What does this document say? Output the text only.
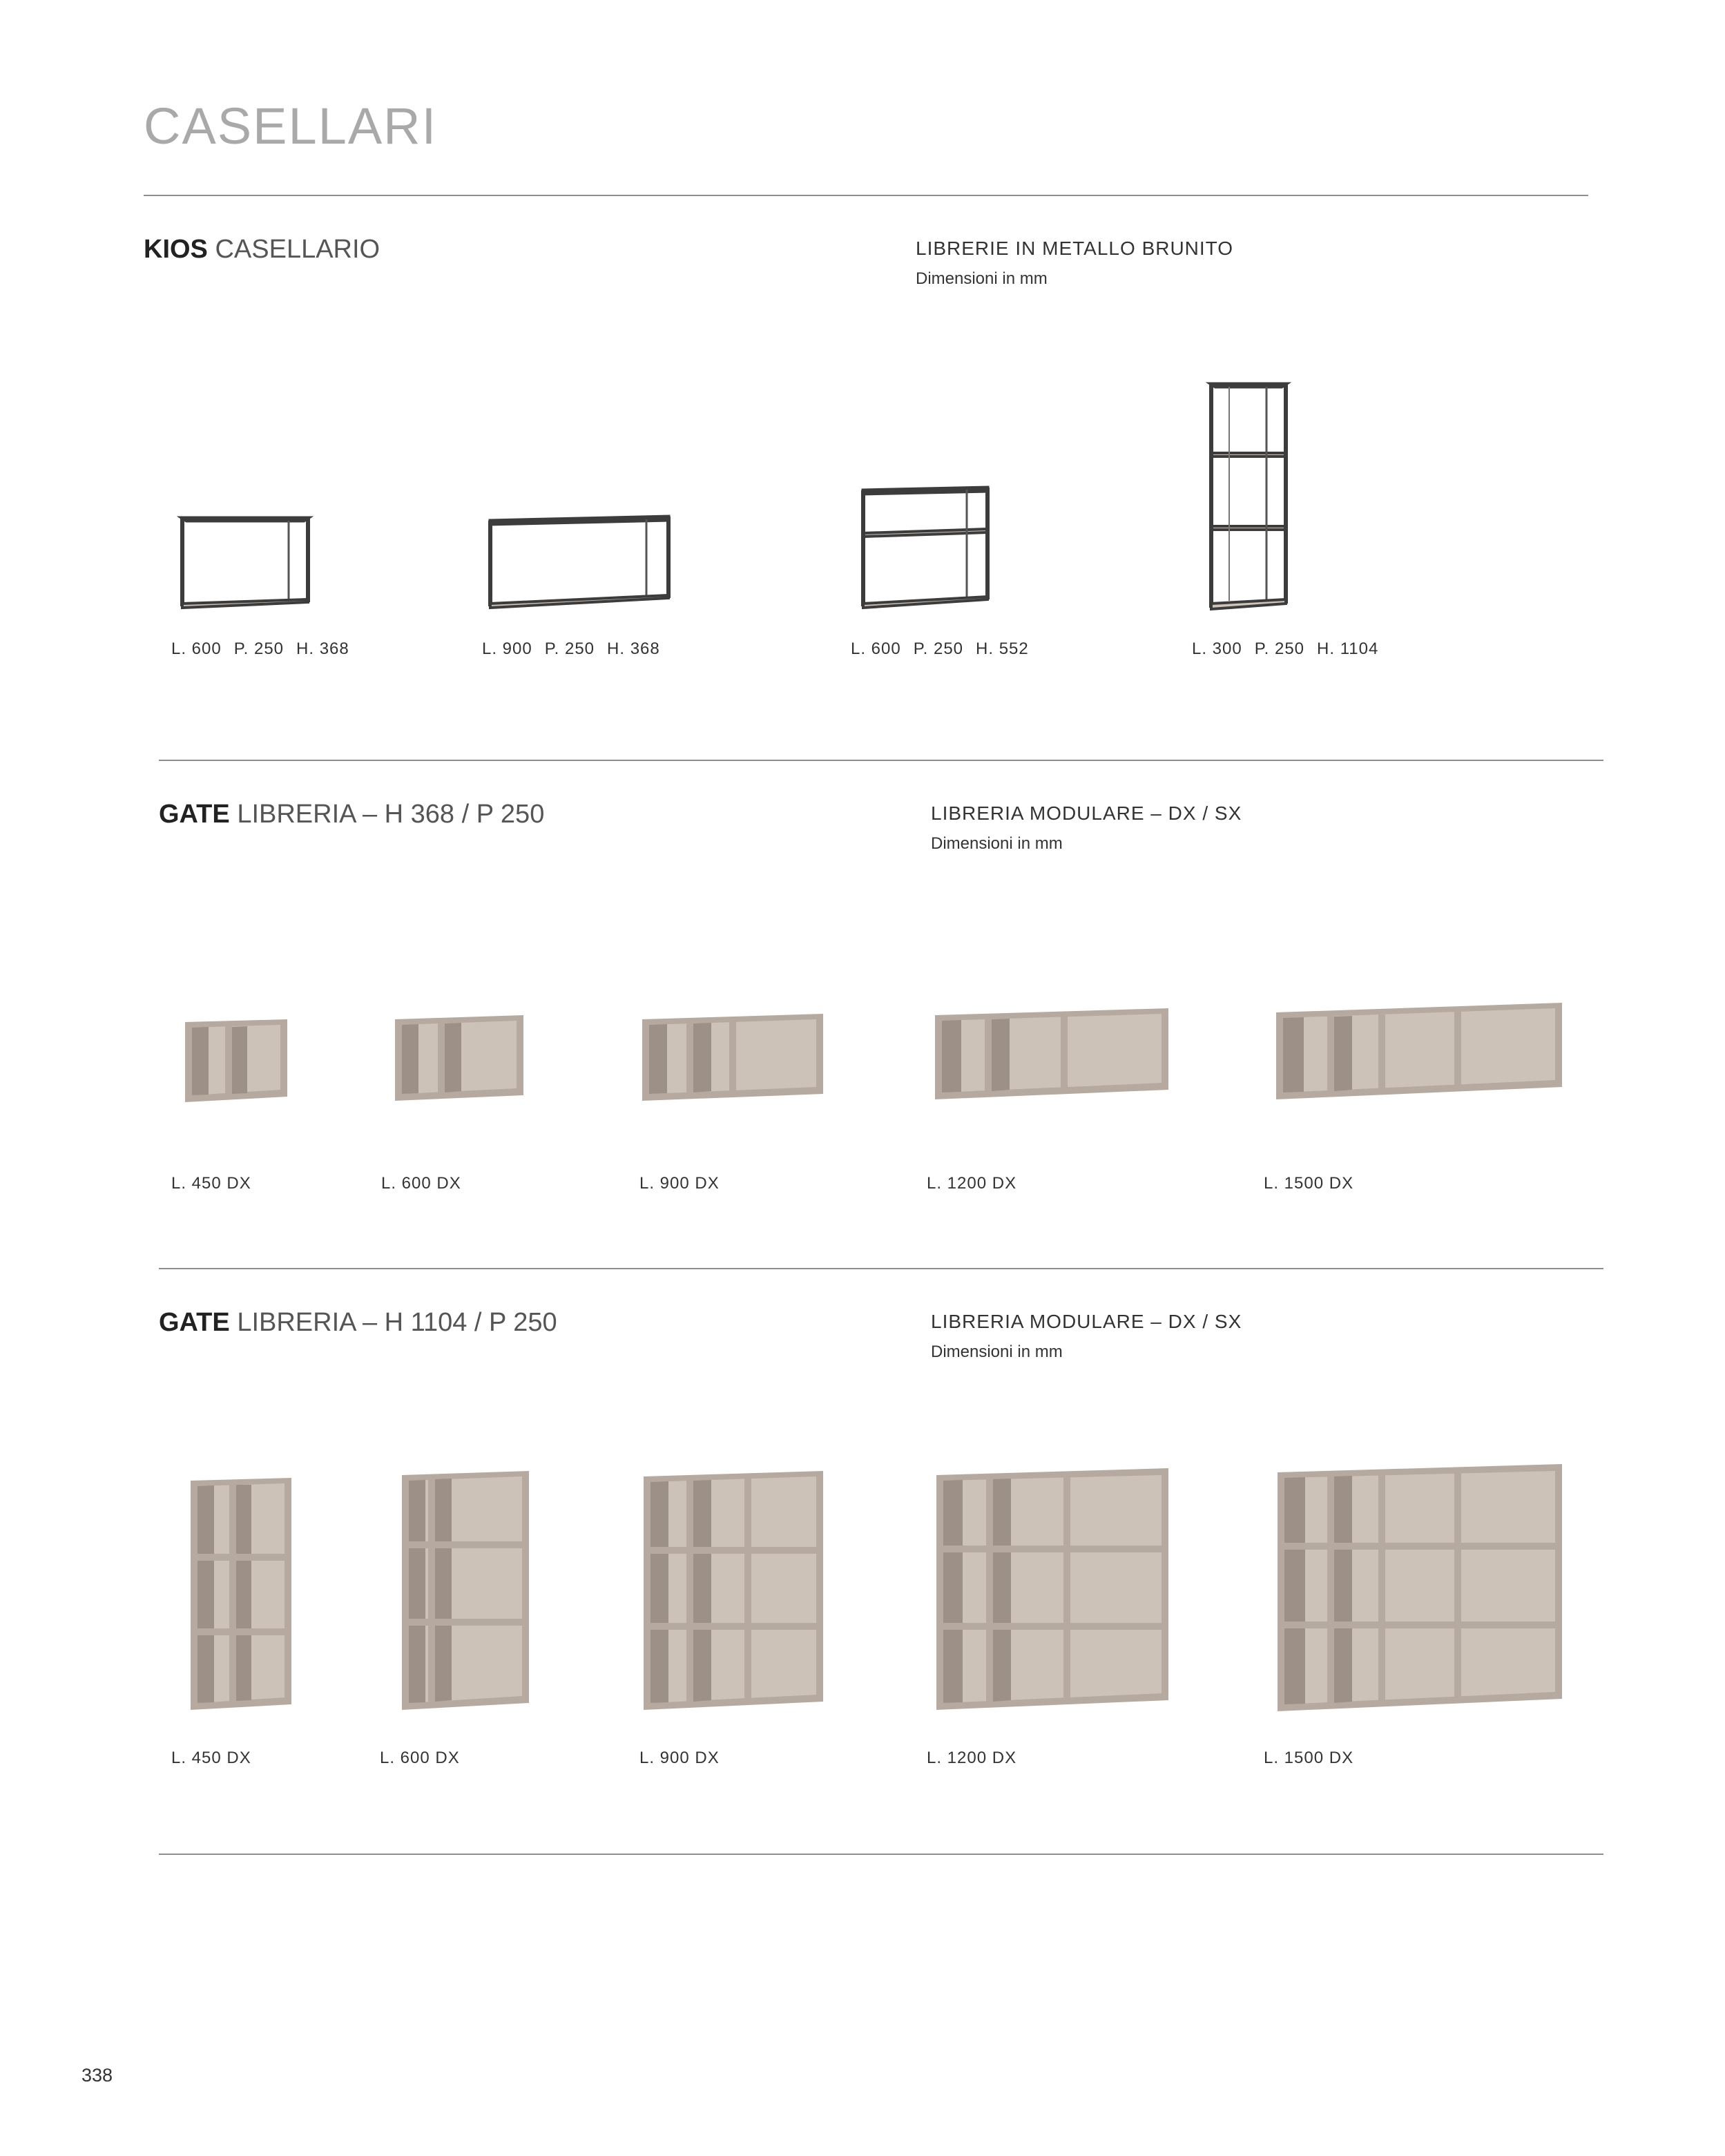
CASELLARI
KIOS CASELLARIO	LIBRERIE IN METALLO BRUNITO
Dimensioni in mm
L. 600 P. 250 H. 368	L. 900 P. 250 H. 368	L. 600 P. 250 H. 552	L. 300 P. 250 H. 1104
GATE LIBRERIA – H 368 / P 250	LIBRERIA MODULARE – DX / SX
Dimensioni in mm
L. 450 DX	L. 600 DX	L. 900 DX	L. 1200 DX	L. 1500 DX
GATE LIBRERIA – H 1104 / P 250	LIBRERIA MODULARE – DX / SX
Dimensioni in mm
L. 450 DX	L. 600 DX	L. 900 DX	L. 1200 DX	L. 1500 DX
338
